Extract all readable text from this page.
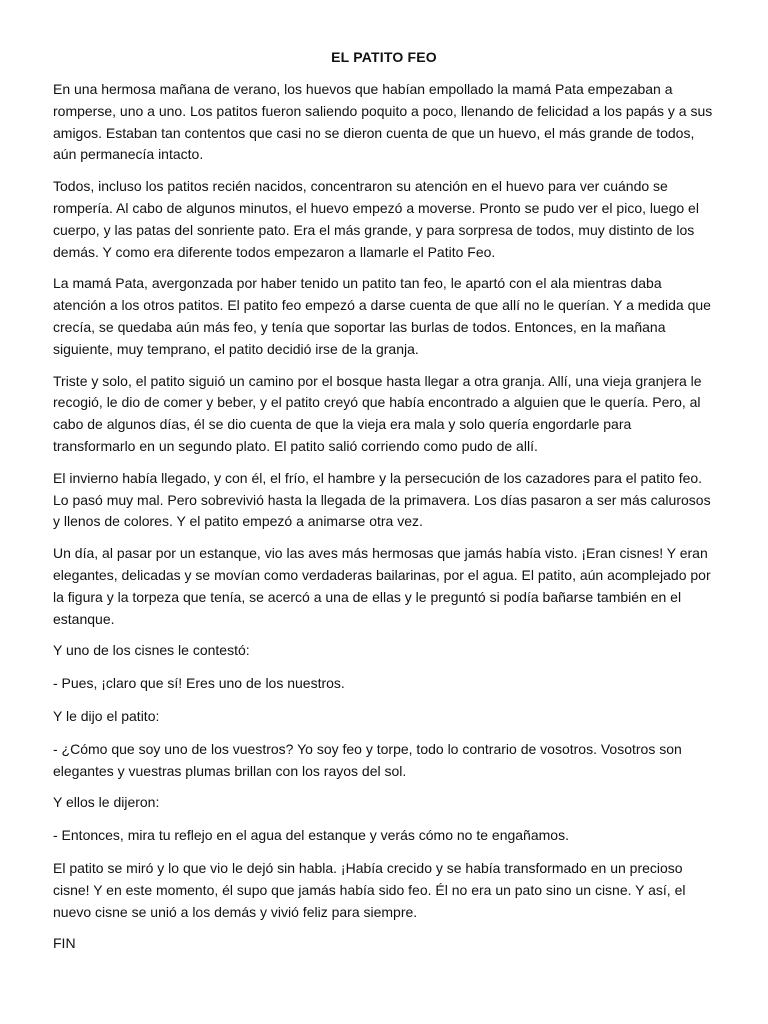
EL PATITO FEO

En una hermosa mañana de verano, los huevos que habían empollado la mamá Pata empezaban a romperse, uno a uno. Los patitos fueron saliendo poquito a poco, llenando de felicidad a los papás y a sus amigos. Estaban tan contentos que casi no se dieron cuenta de que un huevo, el más grande de todos, aún permanecía intacto.

Todos, incluso los patitos recién nacidos, concentraron su atención en el huevo para ver cuándo se rompería. Al cabo de algunos minutos, el huevo empezó a moverse. Pronto se pudo ver el pico, luego el cuerpo, y las patas del sonriente pato. Era el más grande, y para sorpresa de todos, muy distinto de los demás. Y como era diferente todos empezaron a llamarle el Patito Feo.

La mamá Pata, avergonzada por haber tenido un patito tan feo, le apartó con el ala mientras daba atención a los otros patitos. El patito feo empezó a darse cuenta de que allí no le querían. Y a medida que crecía, se quedaba aún más feo, y tenía que soportar las burlas de todos. Entonces, en la mañana siguiente, muy temprano, el patito decidió irse de la granja.

Triste y solo, el patito siguió un camino por el bosque hasta llegar a otra granja. Allí, una vieja granjera le recogió, le dio de comer y beber, y el patito creyó que había encontrado a alguien que le quería. Pero, al cabo de algunos días, él se dio cuenta de que la vieja era mala y solo quería engordarle para transformarlo en un segundo plato. El patito salió corriendo como pudo de allí.

El invierno había llegado, y con él, el frío, el hambre y la persecución de los cazadores para el patito feo. Lo pasó muy mal. Pero sobrevivió hasta la llegada de la primavera. Los días pasaron a ser más calurosos y llenos de colores. Y el patito empezó a animarse otra vez.

Un día, al pasar por un estanque, vio las aves más hermosas que jamás había visto. ¡Eran cisnes! Y eran elegantes, delicadas y se movían como verdaderas bailarinas, por el agua. El patito, aún acomplejado por la figura y la torpeza que tenía, se acercó a una de ellas y le preguntó si podía bañarse también en el estanque.

Y uno de los cisnes le contestó:

- Pues, ¡claro que sí! Eres uno de los nuestros.

Y le dijo el patito:

- ¿Cómo que soy uno de los vuestros? Yo soy feo y torpe, todo lo contrario de vosotros. Vosotros son elegantes y vuestras plumas brillan con los rayos del sol.

Y ellos le dijeron:

- Entonces, mira tu reflejo en el agua del estanque y verás cómo no te engañamos.

El patito se miró y lo que vio le dejó sin habla. ¡Había crecido y se había transformado en un precioso cisne! Y en este momento, él supo que jamás había sido feo. Él no era un pato sino un cisne. Y así, el nuevo cisne se unió a los demás y vivió feliz para siempre.

FIN
